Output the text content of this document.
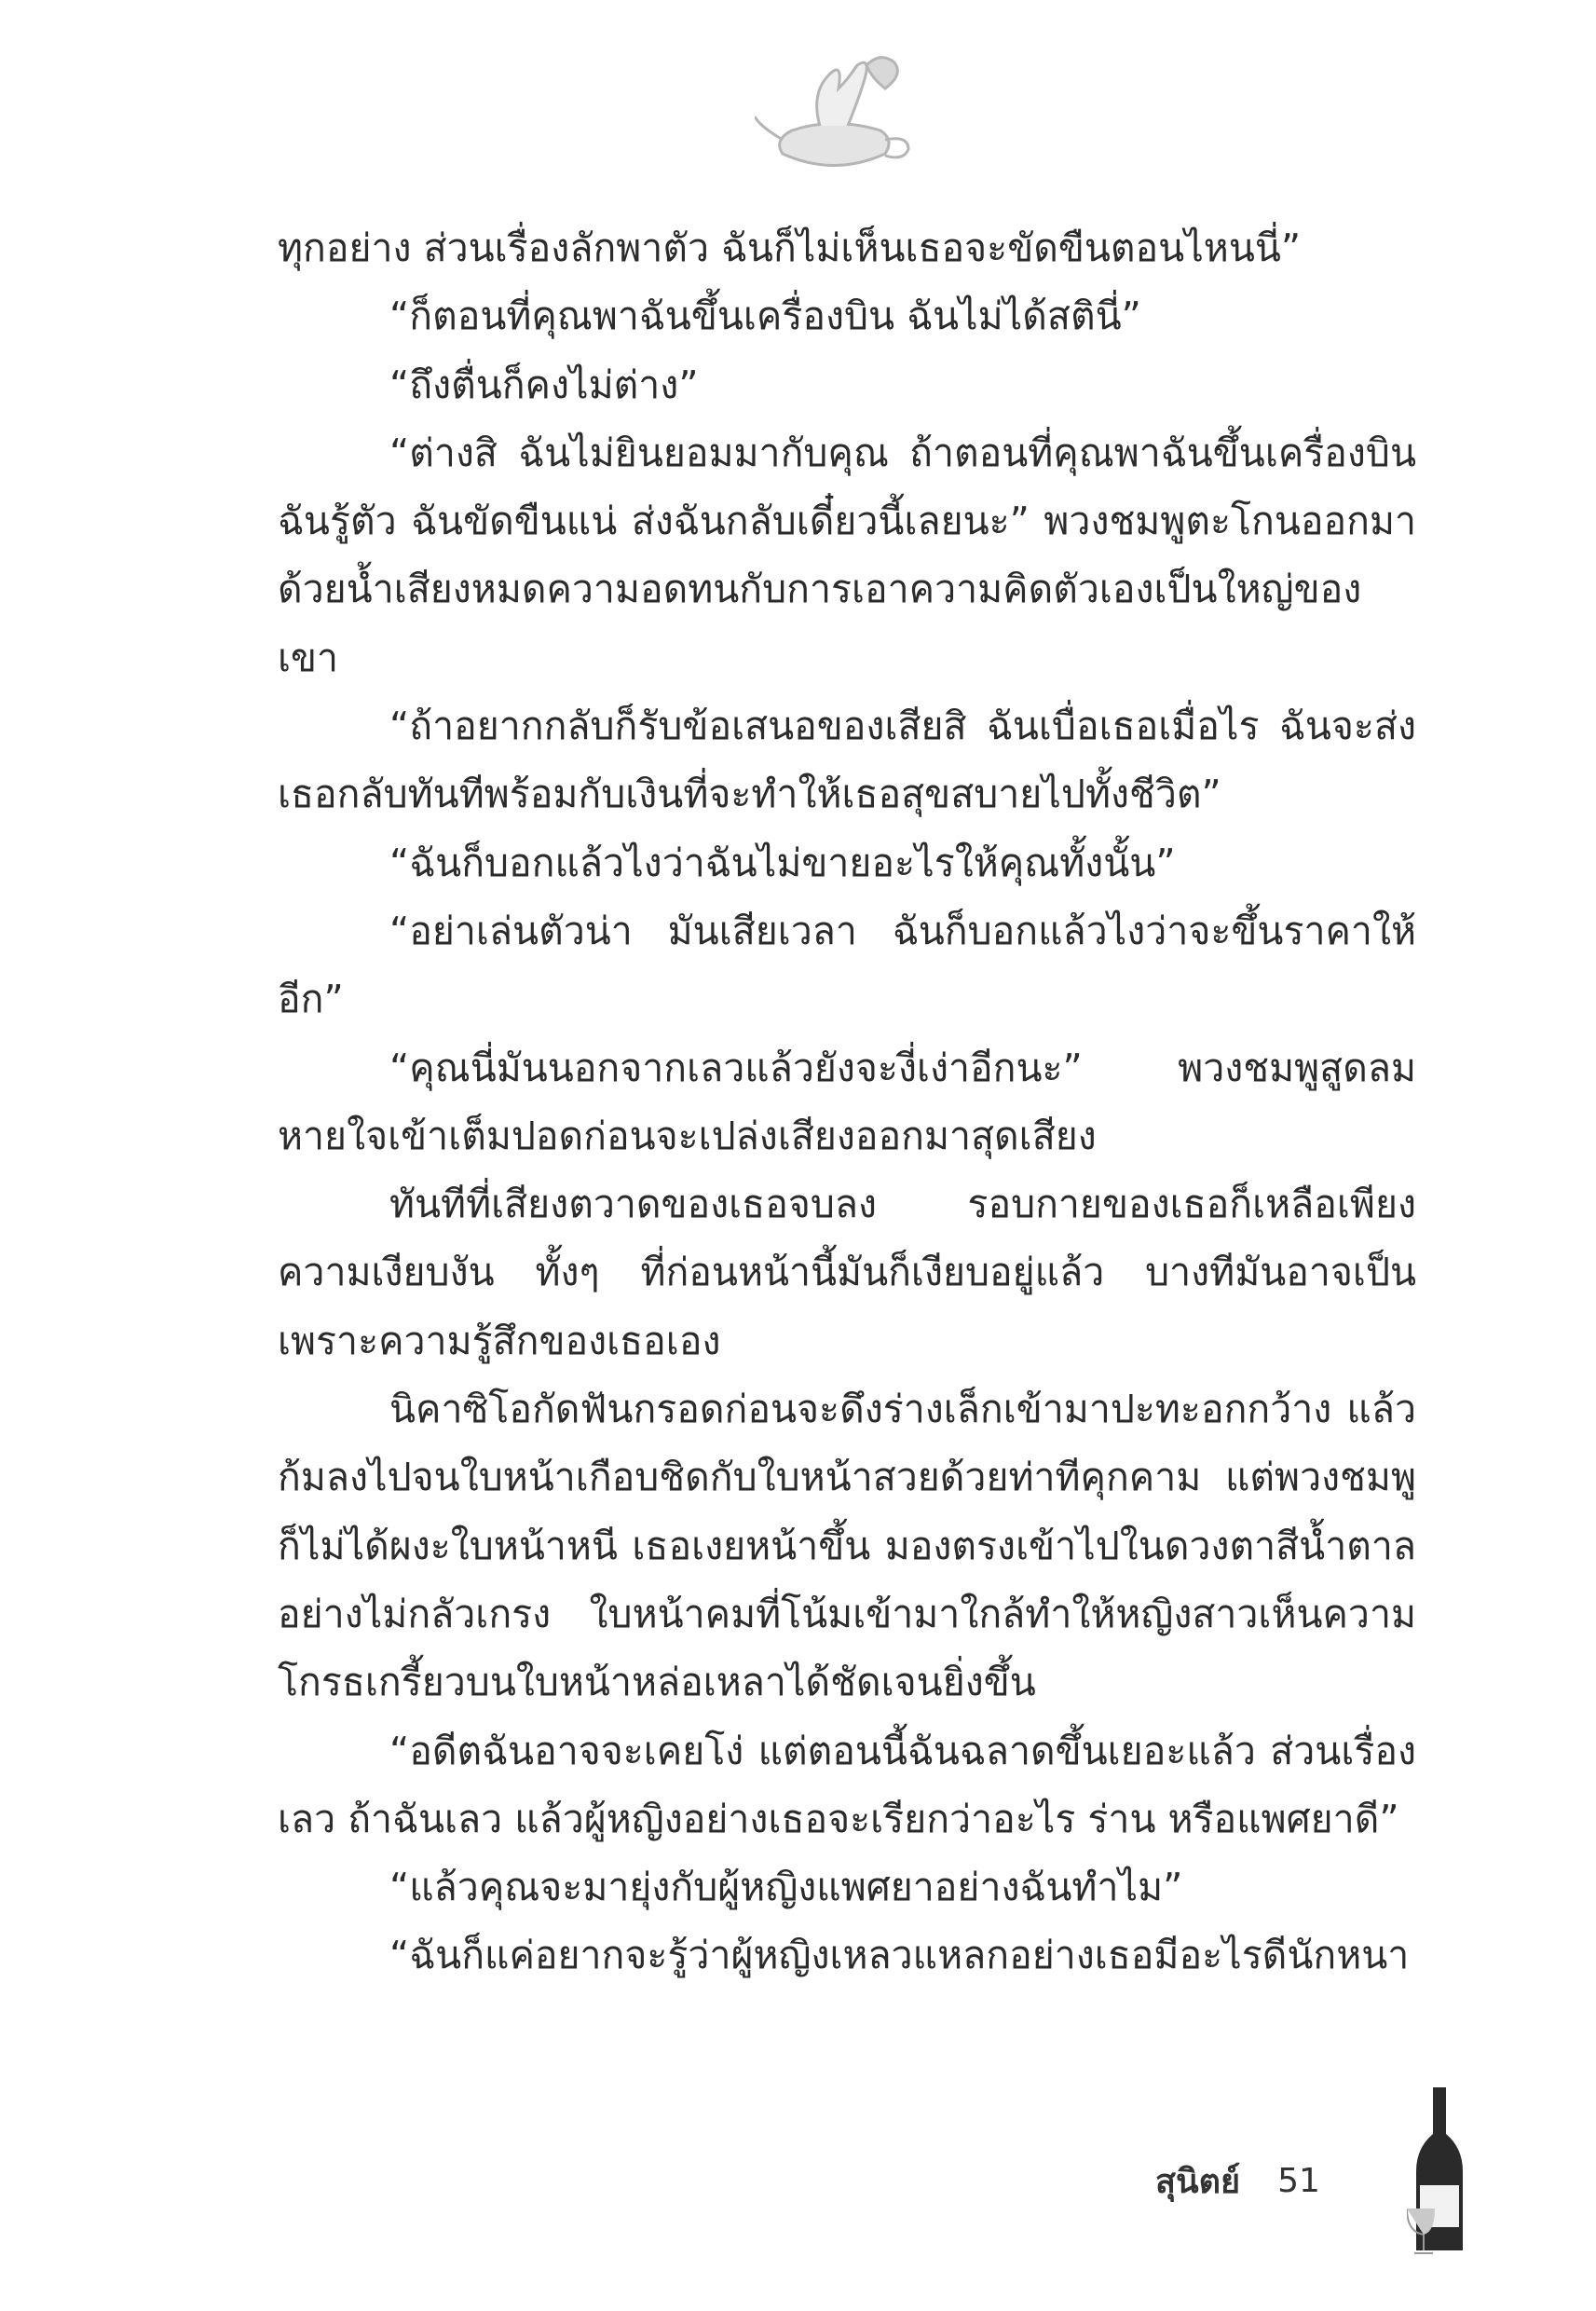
ทุกอย่าง ส่วนเรื่องลักพาตัว ฉันก็ไม่เห็นเธอจะขัดขืนตอนไหนนี่”

“ก็ตอนที่คุณพาฉันขึ้นเครื่องบิน ฉันไม่ได้สตินี่”

“ถึงตื่นก็คงไม่ต่าง”

“ต่างสิ ฉันไม่ยินยอมมากับคุณ ถ้าตอนที่คุณพาฉันขึ้นเครื่องบิน ฉันรู้ตัว ฉันขัดขืนแน่ ส่งฉันกลับเดี๋ยวนี้เลยนะ” พวงชมพูตะโกนออกมาด้วยน้ำเสียงหมดความอดทนกับการเอาความคิดตัวเองเป็นใหญ่ของเขา

“ถ้าอยากกลับก็รับข้อเสนอของเสียสิ ฉันเบื่อเธอเมื่อไร ฉันจะส่งเธอกลับทันทีพร้อมกับเงินที่จะทำให้เธอสุขสบายไปทั้งชีวิต”

“ฉันก็บอกแล้วไงว่าฉันไม่ขายอะไรให้คุณทั้งนั้น”

“อย่าเล่นตัวน่า มันเสียเวลา ฉันก็บอกแล้วไงว่าจะขึ้นราคาให้อีก”

“คุณนี่มันนอกจากเลวแล้วยังจะงี่เง่าอีกนะ” พวงชมพูสูดลมหายใจเข้าเต็มปอดก่อนจะเปล่งเสียงออกมาสุดเสียง

ทันทีที่เสียงตวาดของเธอจบลง รอบกายของเธอก็เหลือเพียงความเงียบงัน ทั้งๆ ที่ก่อนหน้านี้มันก็เงียบอยู่แล้ว บางทีมันอาจเป็นเพราะความรู้สึกของเธอเอง

นิคาซิโอกัดฟันกรอดก่อนจะดึงร่างเล็กเข้ามาปะทะอกกว้าง แล้วก้มลงไปจนใบหน้าเกือบชิดกับใบหน้าสวยด้วยท่าทีคุกคาม แต่พวงชมพูก็ไม่ได้ผงะใบหน้าหนี เธอเงยหน้าขึ้น มองตรงเข้าไปในดวงตาสีน้ำตาลอย่างไม่กลัวเกรง ใบหน้าคมที่โน้มเข้ามาใกล้ทำให้หญิงสาวเห็นความโกรธเกรี้ยวบนใบหน้าหล่อเหลาได้ชัดเจนยิ่งขึ้น

“อดีตฉันอาจจะเคยโง่ แต่ตอนนี้ฉันฉลาดขึ้นเยอะแล้ว ส่วนเรื่องเลว ถ้าฉันเลว แล้วผู้หญิงอย่างเธอจะเรียกว่าอะไร ร่าน หรือแพศยาดี”

“แล้วคุณจะมายุ่งกับผู้หญิงแพศยาอย่างฉันทำไม”

“ฉันก็แค่อยากจะรู้ว่าผู้หญิงเหลวแหลกอย่างเธอมีอะไรดีนักหนา

สุนิตย์ 51
